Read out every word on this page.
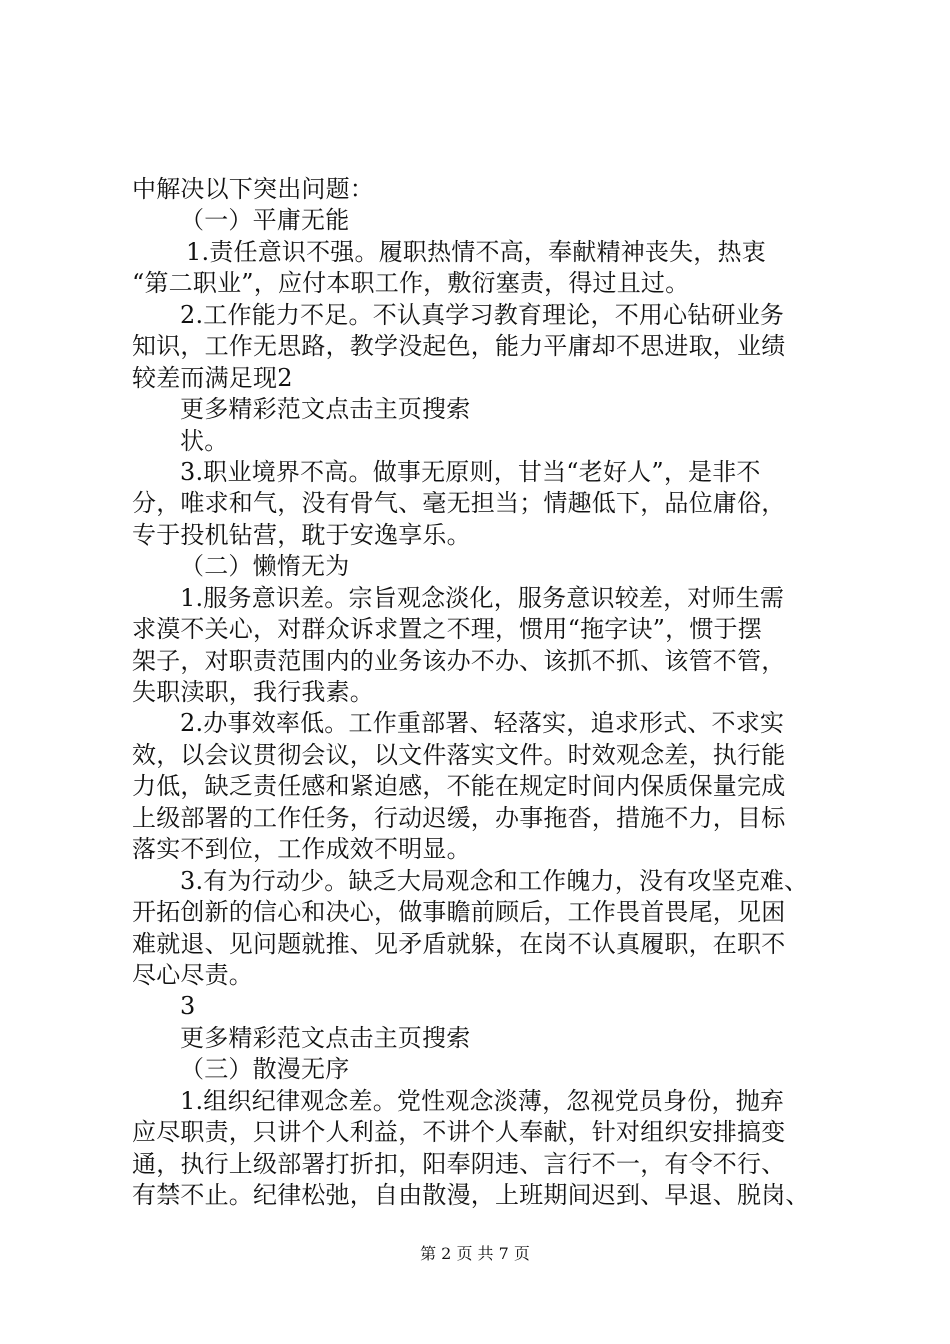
中解决以下突出问题：
（一）平庸无能
1.责任意识不强。履职热情不高，奉献精神丧失，热衷
“第二职业”，应付本职工作，敷衍塞责，得过且过。
2.工作能力不足。不认真学习教育理论，不用心钻研业务
知识，工作无思路，教学没起色，能力平庸却不思进取，业绩
较差而满足现2
更多精彩范文点击主页搜索
状。
3.职业境界不高。做事无原则，甘当“老好人”，是非不
分，唯求和气，没有骨气、毫无担当；情趣低下，品位庸俗，
专于投机钻营，耽于安逸享乐。
（二）懒惰无为
1.服务意识差。宗旨观念淡化，服务意识较差，对师生需
求漠不关心，对群众诉求置之不理，惯用“拖字诀”，惯于摆
架子，对职责范围内的业务该办不办、该抓不抓、该管不管，
失职渎职，我行我素。
2.办事效率低。工作重部署、轻落实，追求形式、不求实
效，以会议贯彻会议，以文件落实文件。时效观念差，执行能
力低，缺乏责任感和紧迫感，不能在规定时间内保质保量完成
上级部署的工作任务，行动迟缓，办事拖沓，措施不力，目标
落实不到位，工作成效不明显。
3.有为行动少。缺乏大局观念和工作魄力，没有攻坚克难、
开拓创新的信心和决心，做事瞻前顾后，工作畏首畏尾，见困
难就退、见问题就推、见矛盾就躲，在岗不认真履职，在职不
尽心尽责。
3
更多精彩范文点击主页搜索
（三）散漫无序
1.组织纪律观念差。党性观念淡薄，忽视党员身份，抛弃
应尽职责，只讲个人利益，不讲个人奉献，针对组织安排搞变
通，执行上级部署打折扣，阳奉阴违、言行不一，有令不行、
有禁不止。纪律松弛，自由散漫，上班期间迟到、早退、脱岗、
第 2 页 共 7 页
